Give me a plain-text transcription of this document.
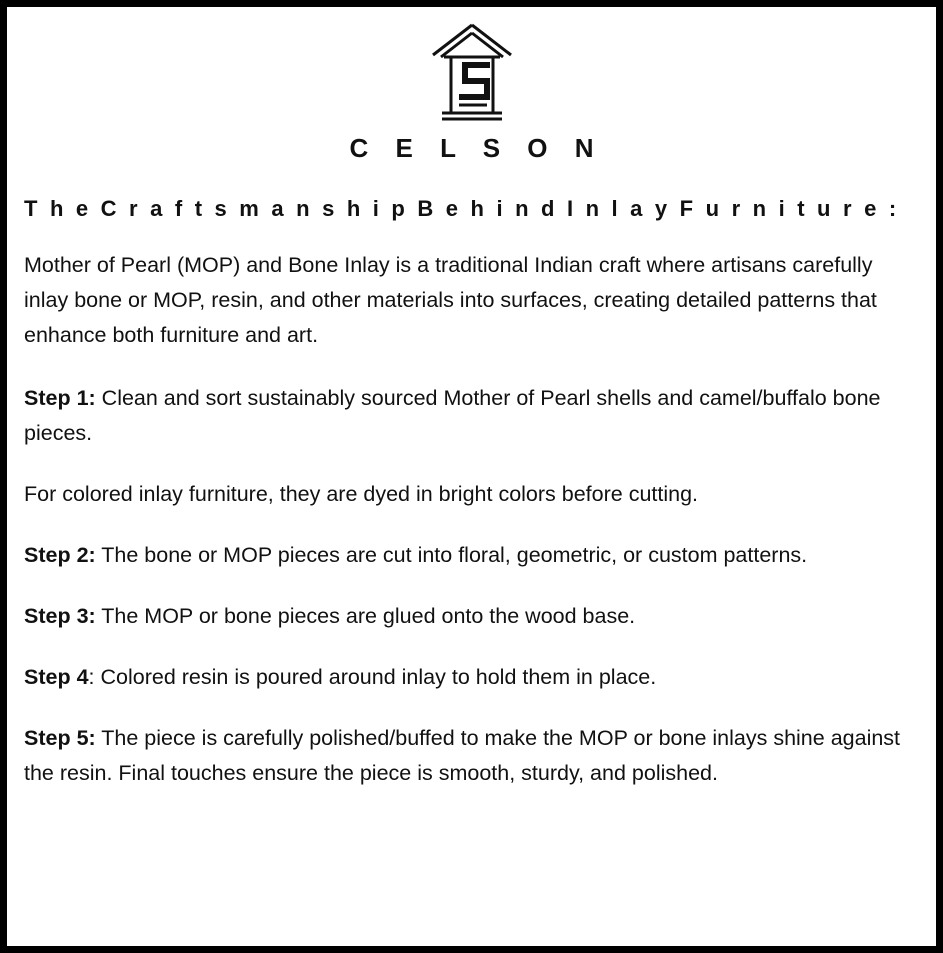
C E L S O N
T h e C r a f t s m a n s h i p B e h i n d I n l a y F u r n i t u r e :

Mother of Pearl (MOP) and Bone Inlay is a traditional Indian craft where artisans carefully inlay bone or MOP, resin, and other materials into surfaces, creating detailed patterns that enhance both furniture and art.

Step 1: Clean and sort sustainably sourced Mother of Pearl shells and camel/buffalo bone pieces.

For colored inlay furniture, they are dyed in bright colors before cutting.

Step 2: The bone or MOP pieces are cut into floral, geometric, or custom patterns.

Step 3: The MOP or bone pieces are glued onto the wood base.

Step 4: Colored resin is poured around inlay to hold them in place.

Step 5: The piece is carefully polished/buffed to make the MOP or bone inlays shine against the resin. Final touches ensure the piece is smooth, sturdy, and polished.
